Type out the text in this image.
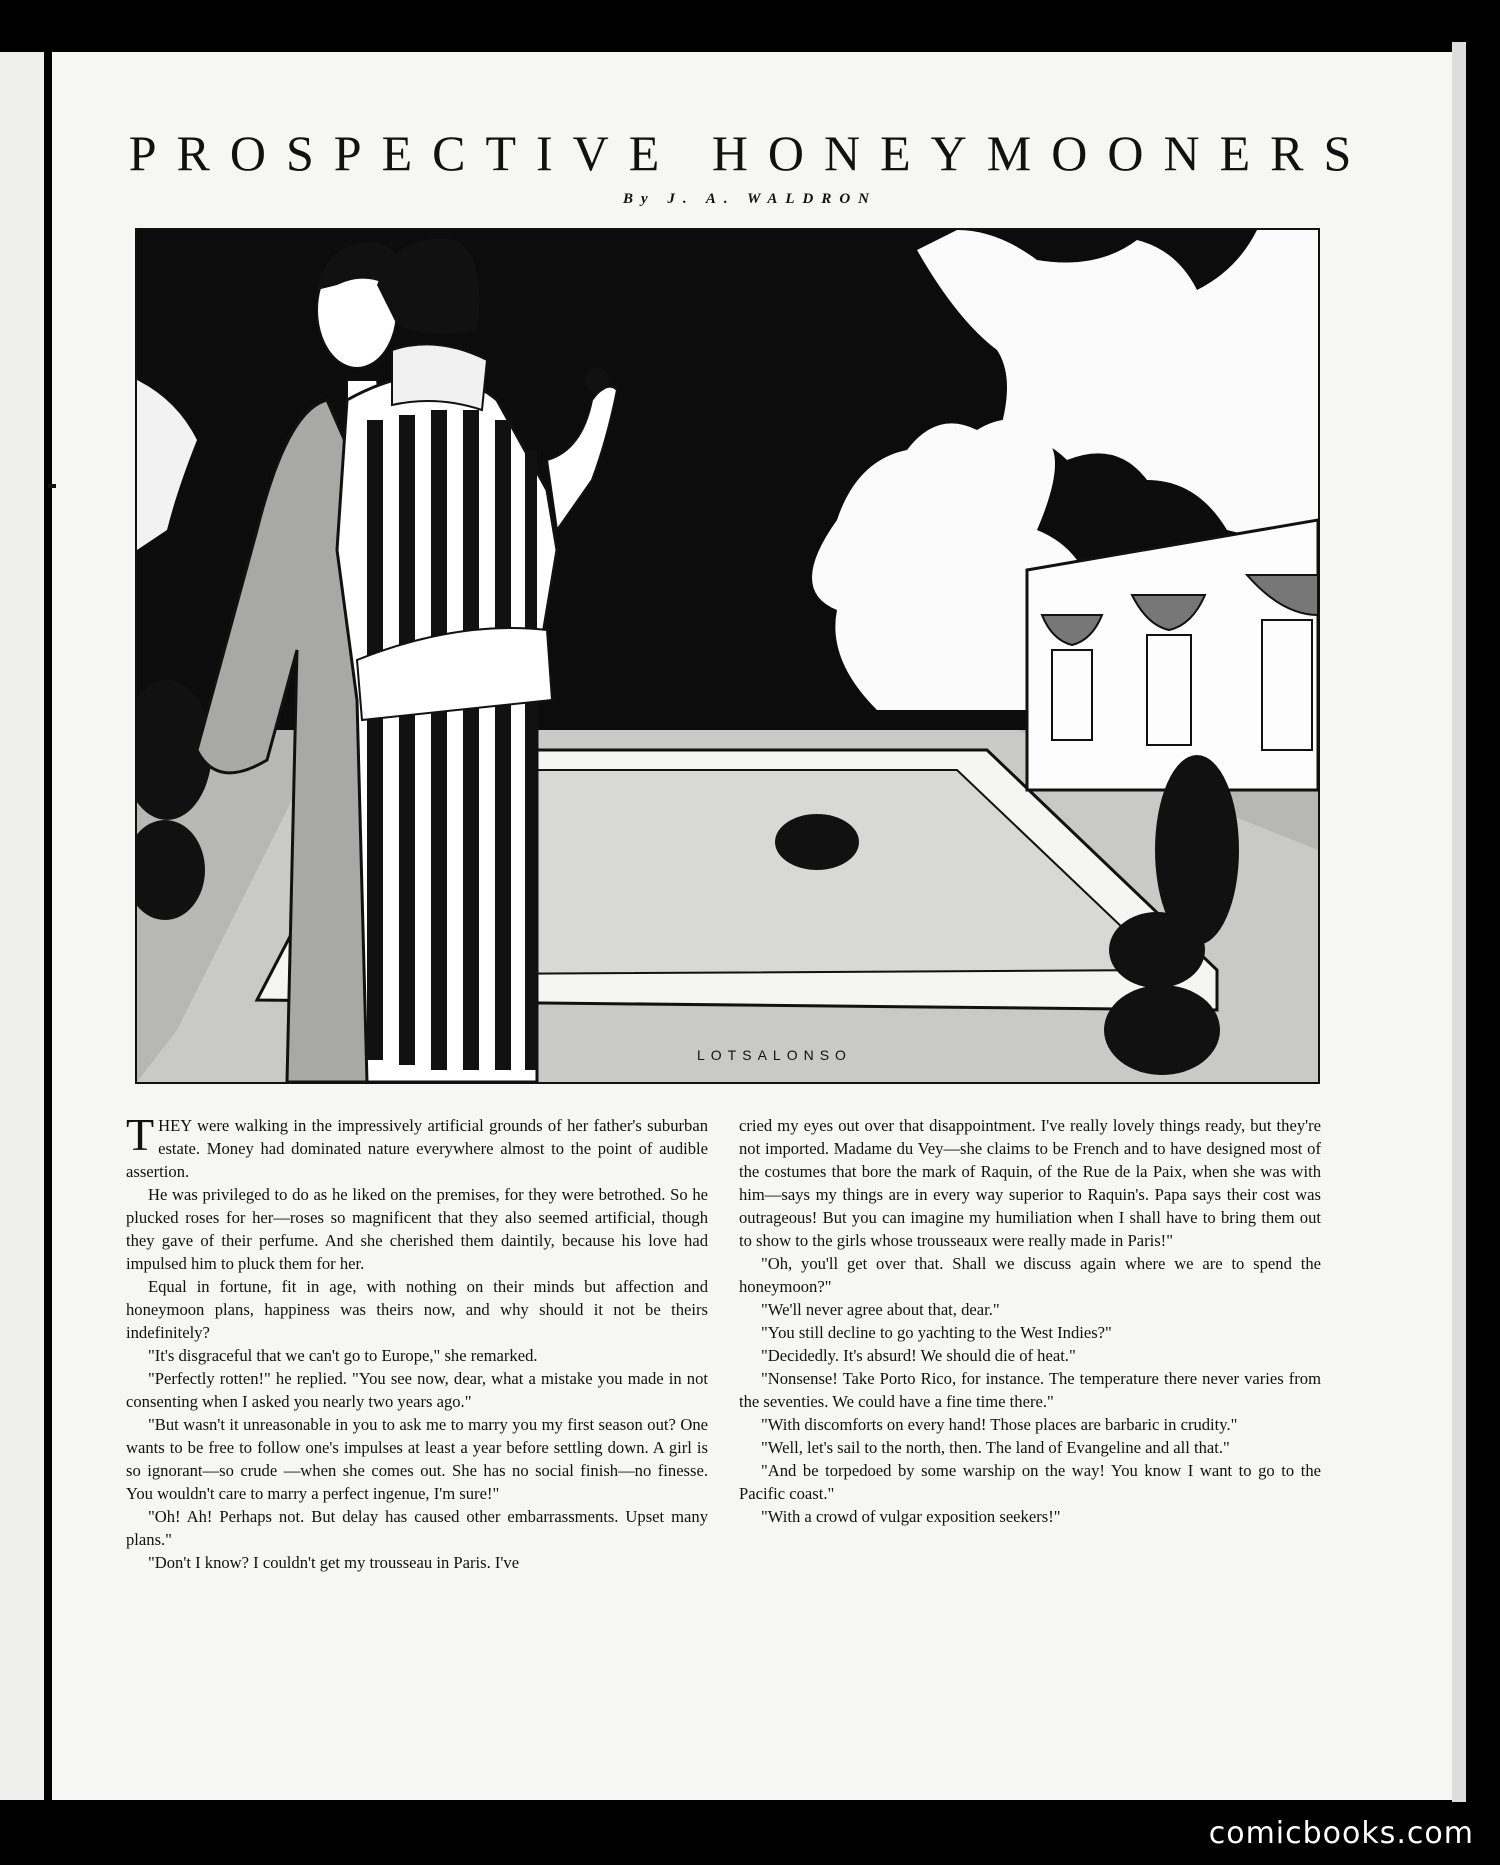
PROSPECTIVE HONEYMOONERS
By J. A. WALDRON
LOTSALONSO

THEY were walking in the impressively artificial grounds of her father's suburban estate. Money had dominated nature everywhere almost to the point of audible assertion.

He was privileged to do as he liked on the premises, for they were betrothed. So he plucked roses for her—roses so magnificent that they also seemed artificial, though they gave of their perfume. And she cherished them daintily, because his love had impulsed him to pluck them for her.

Equal in fortune, fit in age, with nothing on their minds but affection and honeymoon plans, happiness was theirs now, and why should it not be theirs indefinitely?

"It's disgraceful that we can't go to Europe," she remarked.

"Perfectly rotten!" he replied. "You see now, dear, what a mistake you made in not consenting when I asked you nearly two years ago."

"But wasn't it unreasonable in you to ask me to marry you my first season out? One wants to be free to follow one's impulses at least a year before settling down. A girl is so ignorant—so crude —when she comes out. She has no social finish—no finesse. You wouldn't care to marry a perfect ingenue, I'm sure!"

"Oh! Ah! Perhaps not. But delay has caused other embarrassments. Upset many plans."

"Don't I know? I couldn't get my trousseau in Paris. I've

cried my eyes out over that disappointment. I've really lovely things ready, but they're not imported. Madame du Vey—she claims to be French and to have designed most of the costumes that bore the mark of Raquin, of the Rue de la Paix, when she was with him—says my things are in every way superior to Raquin's. Papa says their cost was outrageous! But you can imagine my humiliation when I shall have to bring them out to show to the girls whose trousseaux were really made in Paris!"

"Oh, you'll get over that. Shall we discuss again where we are to spend the honeymoon?"

"We'll never agree about that, dear."

"You still decline to go yachting to the West Indies?"

"Decidedly. It's absurd! We should die of heat."

"Nonsense! Take Porto Rico, for instance. The temperature there never varies from the seventies. We could have a fine time there."

"With discomforts on every hand! Those places are barbaric in crudity."

"Well, let's sail to the north, then. The land of Evangeline and all that."

"And be torpedoed by some warship on the way! You know I want to go to the Pacific coast."

"With a crowd of vulgar exposition seekers!"

comicbooks.com
